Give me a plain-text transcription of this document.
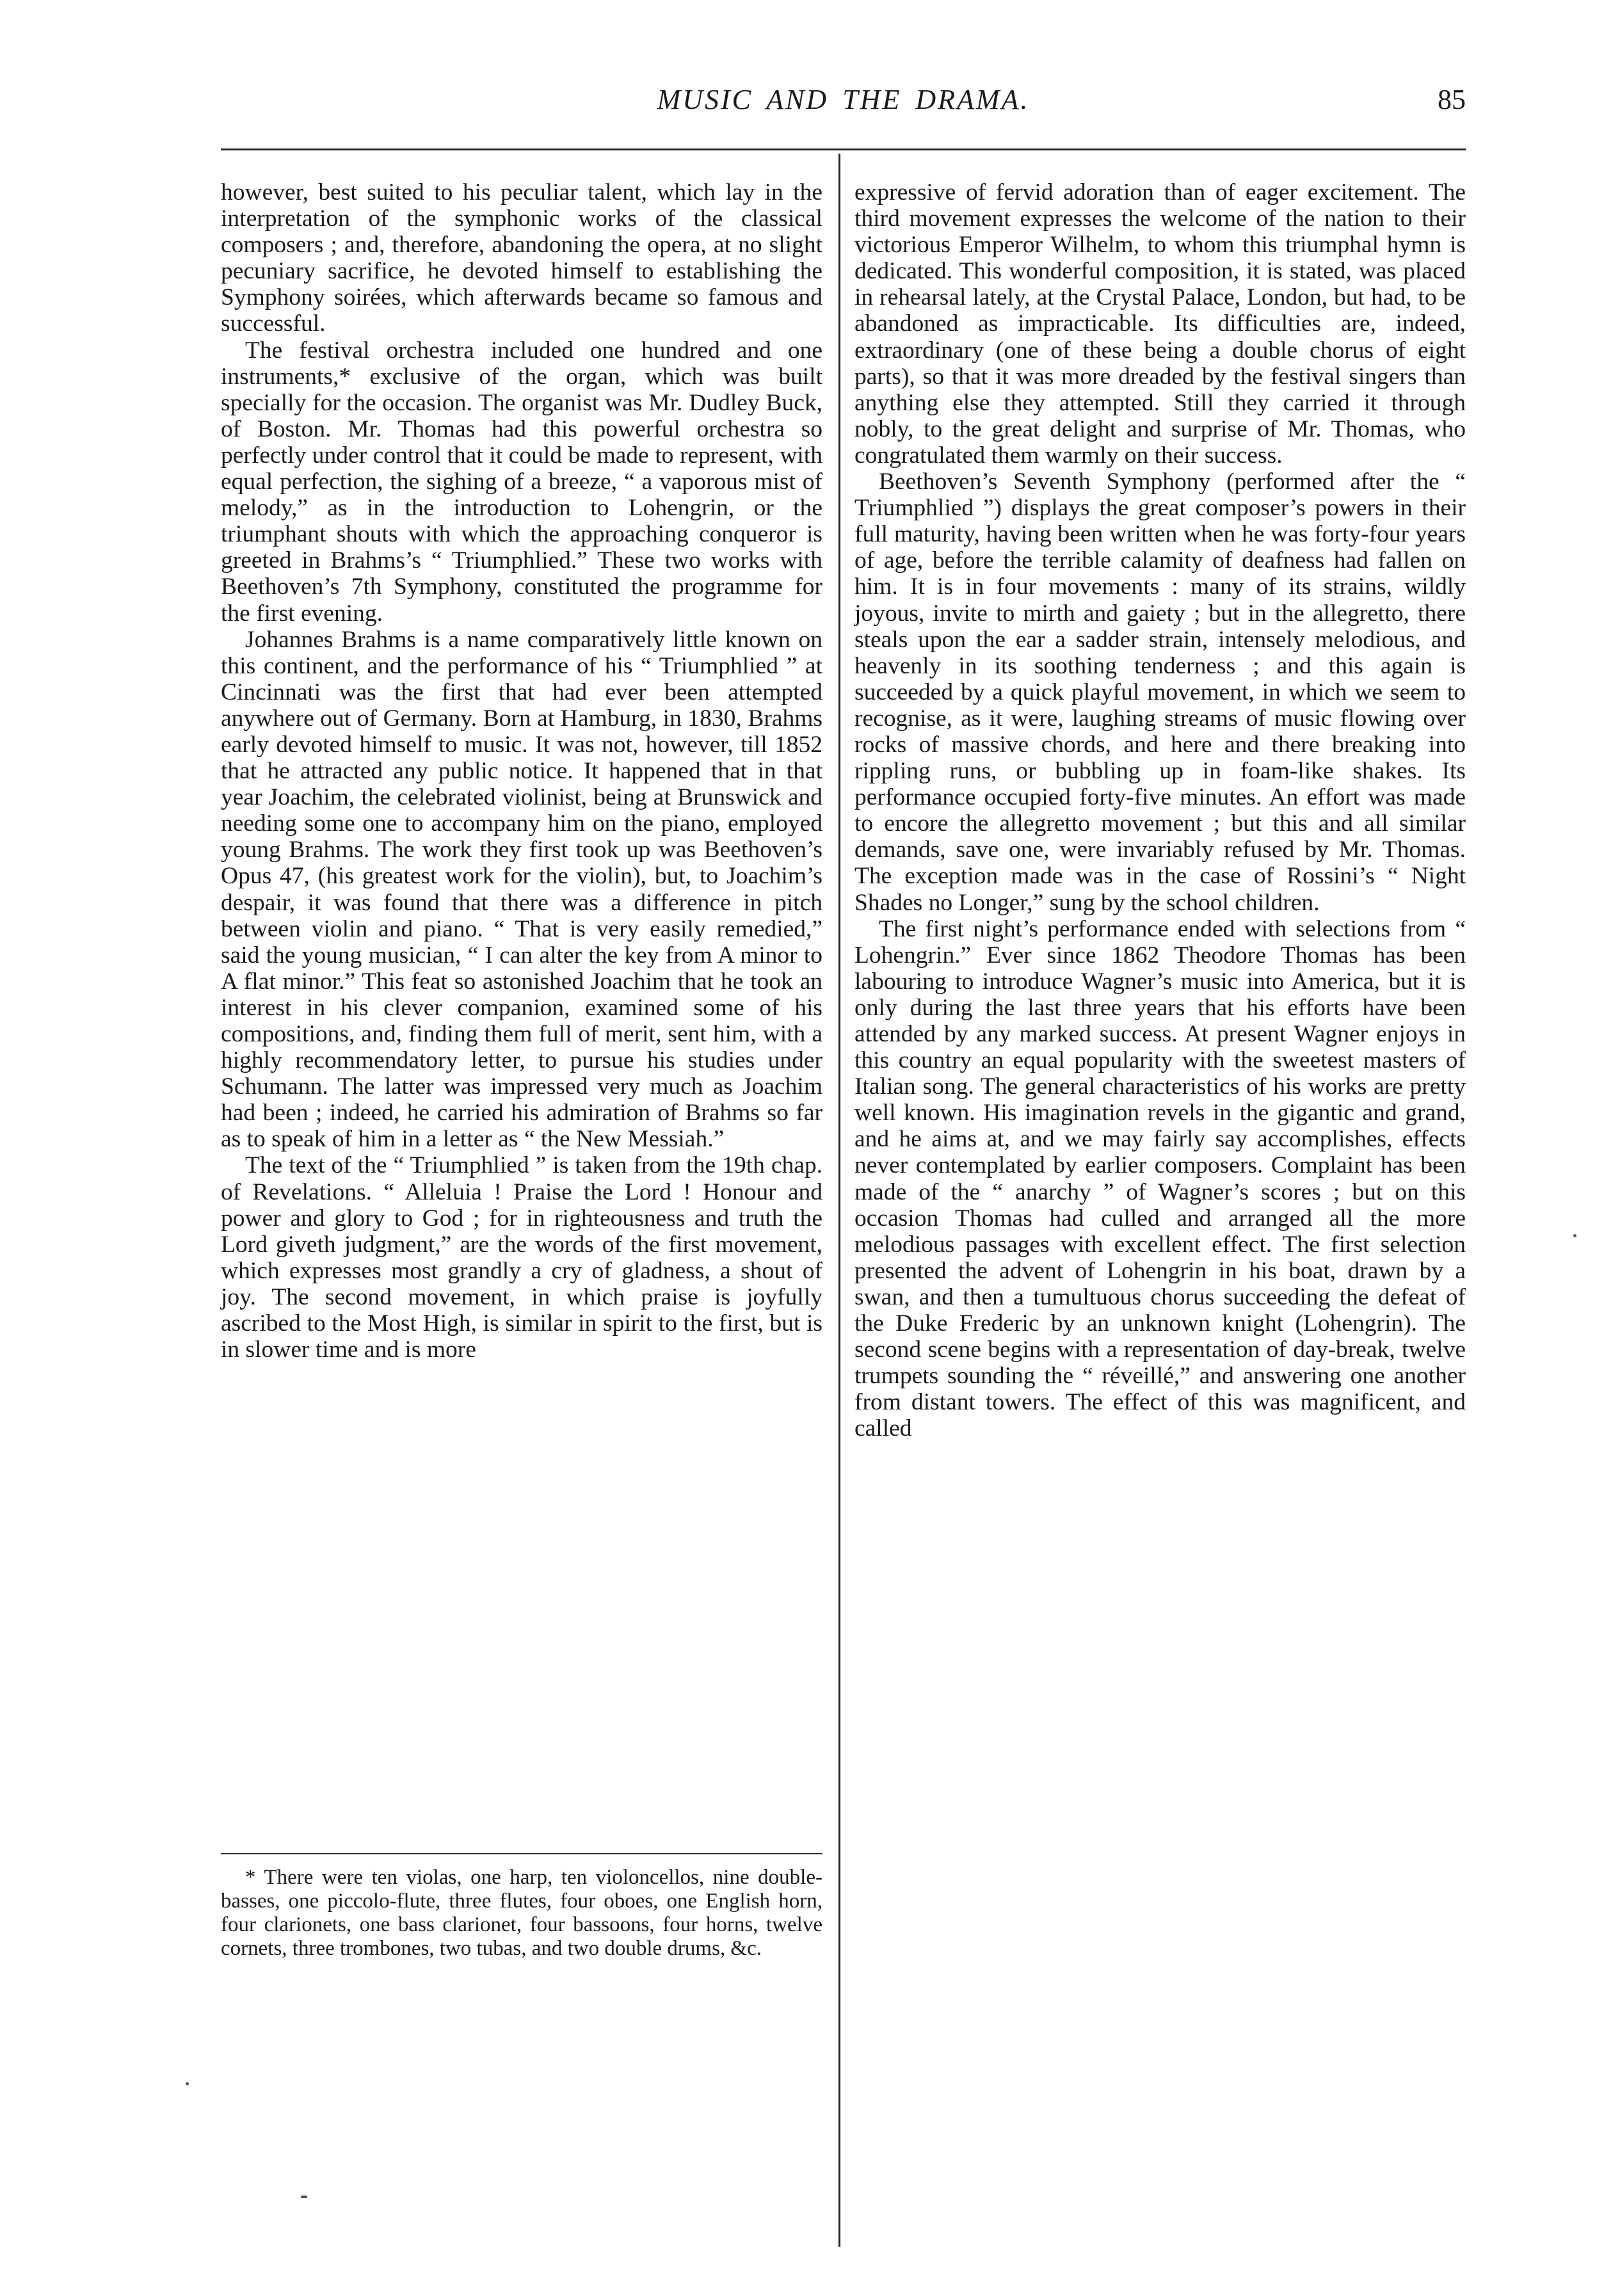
MUSIC AND THE DRAMA.	85

however, best suited to his peculiar talent, which lay in the interpretation of the symphonic works of the classical composers ; and, therefore, abandoning the opera, at no slight pecuniary sacrifice, he devoted himself to establishing the Symphony soirées, which afterwards became so famous and successful.

The festival orchestra included one hundred and one instruments,* exclusive of the organ, which was built specially for the occasion. The organist was Mr. Dudley Buck, of Boston. Mr. Thomas had this powerful orchestra so perfectly under control that it could be made to represent, with equal perfection, the sighing of a breeze, “ a vaporous mist of melody,” as in the introduction to Lohengrin, or the triumphant shouts with which the approaching conqueror is greeted in Brahms’s “ Triumphlied.” These two works with Beethoven’s 7th Symphony, constituted the programme for the first evening.

Johannes Brahms is a name comparatively little known on this continent, and the performance of his “ Triumphlied ” at Cincinnati was the first that had ever been attempted anywhere out of Germany. Born at Hamburg, in 1830, Brahms early devoted himself to music. It was not, however, till 1852 that he attracted any public notice. It happened that in that year Joachim, the celebrated violinist, being at Brunswick and needing some one to accompany him on the piano, employed young Brahms. The work they first took up was Beethoven’s Opus 47, (his greatest work for the violin), but, to Joachim’s despair, it was found that there was a difference in pitch between violin and piano. “ That is very easily remedied,” said the young musician, “ I can alter the key from A minor to A flat minor.” This feat so astonished Joachim that he took an interest in his clever companion, examined some of his compositions, and, finding them full of merit, sent him, with a highly recommendatory letter, to pursue his studies under Schumann. The latter was impressed very much as Joachim had been ; indeed, he carried his admiration of Brahms so far as to speak of him in a letter as “ the New Messiah.”

The text of the “ Triumphlied ” is taken from the 19th chap. of Revelations. “ Alleluia ! Praise the Lord ! Honour and power and glory to God ; for in righteousness and truth the Lord giveth judgment,” are the words of the first movement, which expresses most grandly a cry of gladness, a shout of joy. The second movement, in which praise is joyfully ascribed to the Most High, is similar in spirit to the first, but is in slower time and is more

expressive of fervid adoration than of eager excitement. The third movement expresses the welcome of the nation to their victorious Emperor Wilhelm, to whom this triumphal hymn is dedicated. This wonderful composition, it is stated, was placed in rehearsal lately, at the Crystal Palace, London, but had, to be abandoned as impracticable. Its difficulties are, indeed, extraordinary (one of these being a double chorus of eight parts), so that it was more dreaded by the festival singers than anything else they attempted. Still they carried it through nobly, to the great delight and surprise of Mr. Thomas, who congratulated them warmly on their success.

Beethoven’s Seventh Symphony (performed after the “ Triumphlied ”) displays the great composer’s powers in their full maturity, having been written when he was forty-four years of age, before the terrible calamity of deafness had fallen on him. It is in four movements : many of its strains, wildly joyous, invite to mirth and gaiety ; but in the allegretto, there steals upon the ear a sadder strain, intensely melodious, and heavenly in its soothing tenderness ; and this again is succeeded by a quick playful movement, in which we seem to recognise, as it were, laughing streams of music flowing over rocks of massive chords, and here and there breaking into rippling runs, or bubbling up in foam-like shakes. Its performance occupied forty-five minutes. An effort was made to encore the allegretto movement ; but this and all similar demands, save one, were invariably refused by Mr. Thomas. The exception made was in the case of Rossini’s “ Night Shades no Longer,” sung by the school children.

The first night’s performance ended with selections from “ Lohengrin.” Ever since 1862 Theodore Thomas has been labouring to introduce Wagner’s music into America, but it is only during the last three years that his efforts have been attended by any marked success. At present Wagner enjoys in this country an equal popularity with the sweetest masters of Italian song. The general characteristics of his works are pretty well known. His imagination revels in the gigantic and grand, and he aims at, and we may fairly say accomplishes, effects never contemplated by earlier composers. Complaint has been made of the “ anarchy ” of Wagner’s scores ; but on this occasion Thomas had culled and arranged all the more melodious passages with excellent effect. The first selection presented the advent of Lohengrin in his boat, drawn by a swan, and then a tumultuous chorus succeeding the defeat of the Duke Frederic by an unknown knight (Lohengrin). The second scene begins with a representation of day-break, twelve trumpets sounding the “ réveillé,” and answering one another from distant towers. The effect of this was magnificent, and called

* There were ten violas, one harp, ten violoncellos, nine double-basses, one piccolo-flute, three flutes, four oboes, one English horn, four clarionets, one bass clarionet, four bassoons, four horns, twelve cornets, three trombones, two tubas, and two double drums, &c.
